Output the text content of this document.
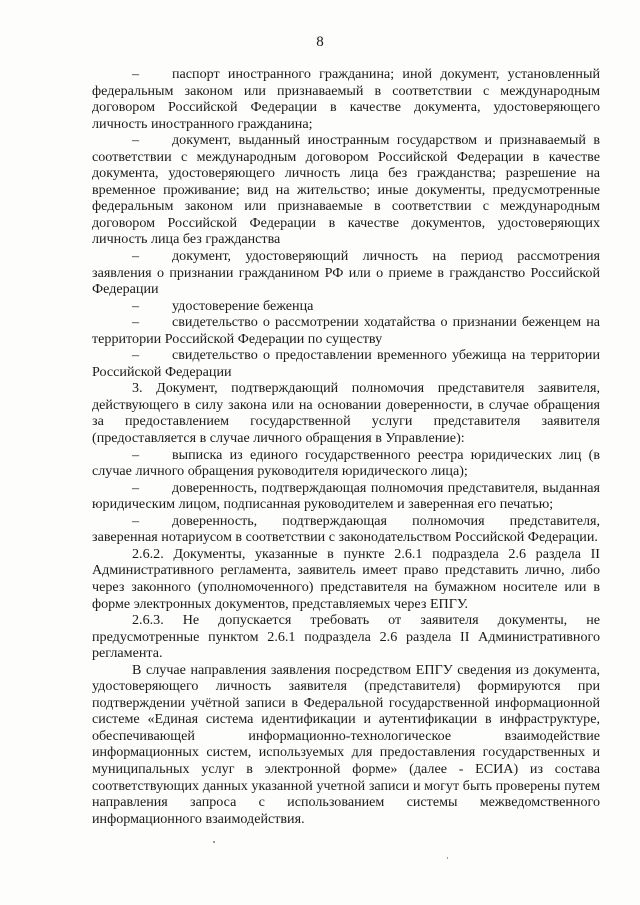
8

– паспорт иностранного гражданина; иной документ, установленный федеральным законом или признаваемый в соответствии с международным договором Российской Федерации в качестве документа, удостоверяющего личность иностранного гражданина;

– документ, выданный иностранным государством и признаваемый в соответствии с международным договором Российской Федерации в качестве документа, удостоверяющего личность лица без гражданства; разрешение на временное проживание; вид на жительство; иные документы, предусмотренные федеральным законом или признаваемые в соответствии с международным договором Российской Федерации в качестве документов, удостоверяющих личность лица без гражданства

– документ, удостоверяющий личность на период рассмотрения заявления о признании гражданином РФ или о приеме в гражданство Российской Федерации

– удостоверение беженца

– свидетельство о рассмотрении ходатайства о признании беженцем на территории Российской Федерации по существу

– свидетельство о предоставлении временного убежища на территории Российской Федерации

3. Документ, подтверждающий полномочия представителя заявителя, действующего в силу закона или на основании доверенности, в случае обращения за предоставлением государственной услуги представителя заявителя (предоставляется в случае личного обращения в Управление):

– выписка из единого государственного реестра юридических лиц (в случае личного обращения руководителя юридического лица);

– доверенность, подтверждающая полномочия представителя, выданная юридическим лицом, подписанная руководителем и заверенная его печатью;

– доверенность, подтверждающая полномочия представителя, заверенная нотариусом в соответствии с законодательством Российской Федерации.

2.6.2. Документы, указанные в пункте 2.6.1 подраздела 2.6 раздела II Административного регламента, заявитель имеет право представить лично, либо через законного (уполномоченного) представителя на бумажном носителе или в форме электронных документов, представляемых через ЕПГУ.

2.6.3. Не допускается требовать от заявителя документы, не предусмотренные пунктом 2.6.1 подраздела 2.6 раздела II Административного регламента.

В случае направления заявления посредством ЕПГУ сведения из документа, удостоверяющего личность заявителя (представителя) формируются при подтверждении учётной записи в Федеральной государственной информационной системе «Единая система идентификации и аутентификации в инфраструктуре, обеспечивающей информационно-технологическое взаимодействие информационных систем, используемых для предоставления государственных и муниципальных услуг в электронной форме» (далее - ЕСИА) из состава соответствующих данных указанной учетной записи и могут быть проверены путем направления запроса с использованием системы межведомственного информационного взаимодействия.
